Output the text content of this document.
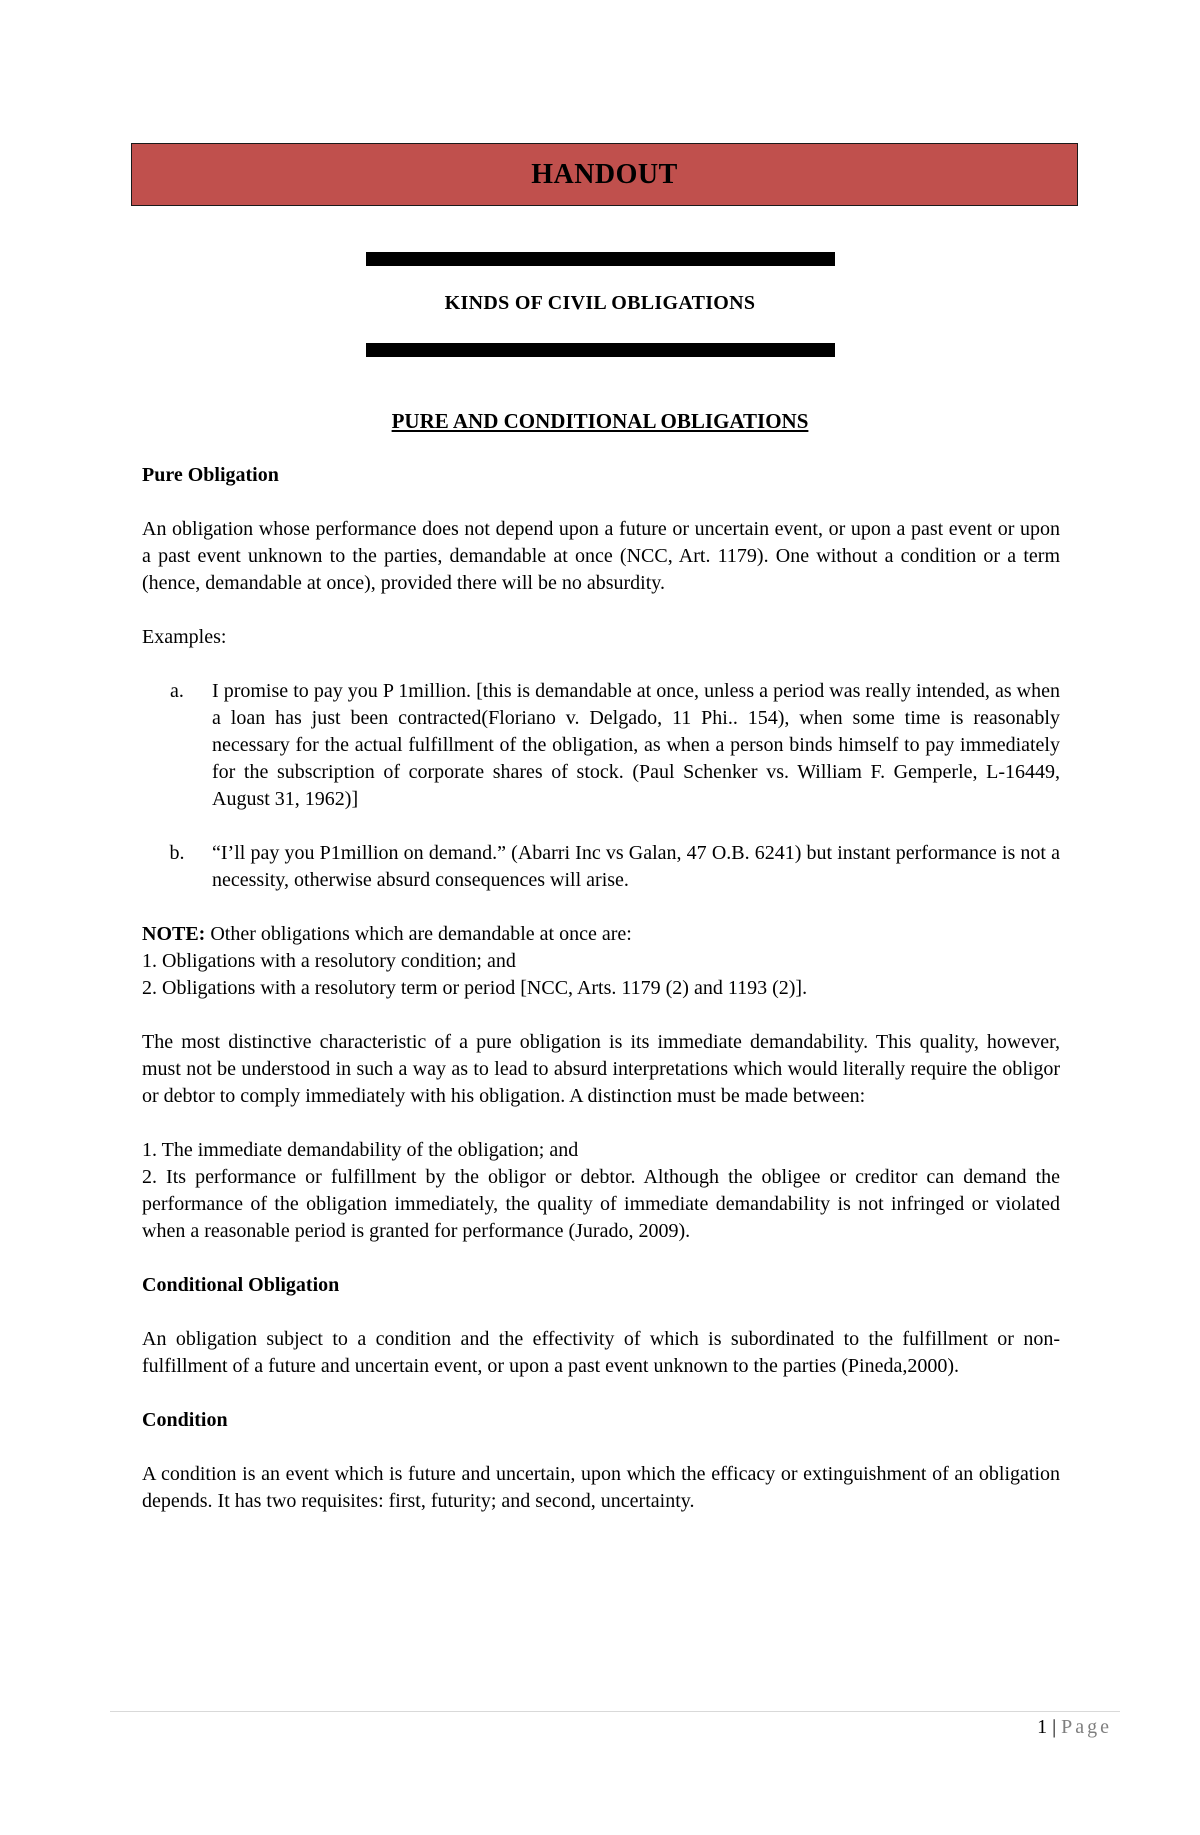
HANDOUT
KINDS OF CIVIL OBLIGATIONS
PURE AND CONDITIONAL OBLIGATIONS

Pure Obligation

An obligation whose performance does not depend upon a future or uncertain event, or upon a past event or upon a past event unknown to the parties, demandable at once (NCC, Art. 1179). One without a condition or a term (hence, demandable at once), provided there will be no absurdity.

Examples:

a.	I promise to pay you P 1million. [this is demandable at once, unless a period was really intended, as when a loan has just been contracted(Floriano v. Delgado, 11 Phi.. 154), when some time is reasonably necessary for the actual fulfillment of the obligation, as when a person binds himself to pay immediately for the subscription of corporate shares of stock. (Paul Schenker vs. William F. Gemperle, L-16449, August 31, 1962)]
b.	“I’ll pay you P1million on demand.” (Abarri Inc vs Galan, 47 O.B. 6241) but instant performance is not a necessity, otherwise absurd consequences will arise.

NOTE: Other obligations which are demandable at once are:

1. Obligations with a resolutory condition; and

2. Obligations with a resolutory term or period [NCC, Arts. 1179 (2) and 1193 (2)].

The most distinctive characteristic of a pure obligation is its immediate demandability. This quality, however, must not be understood in such a way as to lead to absurd interpretations which would literally require the obligor or debtor to comply immediately with his obligation. A distinction must be made between:

1. The immediate demandability of the obligation; and

2. Its performance or fulfillment by the obligor or debtor. Although the obligee or creditor can demand the performance of the obligation immediately, the quality of immediate demandability is not infringed or violated when a reasonable period is granted for performance (Jurado, 2009).

Conditional Obligation

An obligation subject to a condition and the effectivity of which is subordinated to the fulfillment or non-fulfillment of a future and uncertain event, or upon a past event unknown to the parties (Pineda,2000).

Condition

A condition is an event which is future and uncertain, upon which the efficacy or extinguishment of an obligation depends. It has two requisites: first, futurity; and second, uncertainty.

1 | Page
